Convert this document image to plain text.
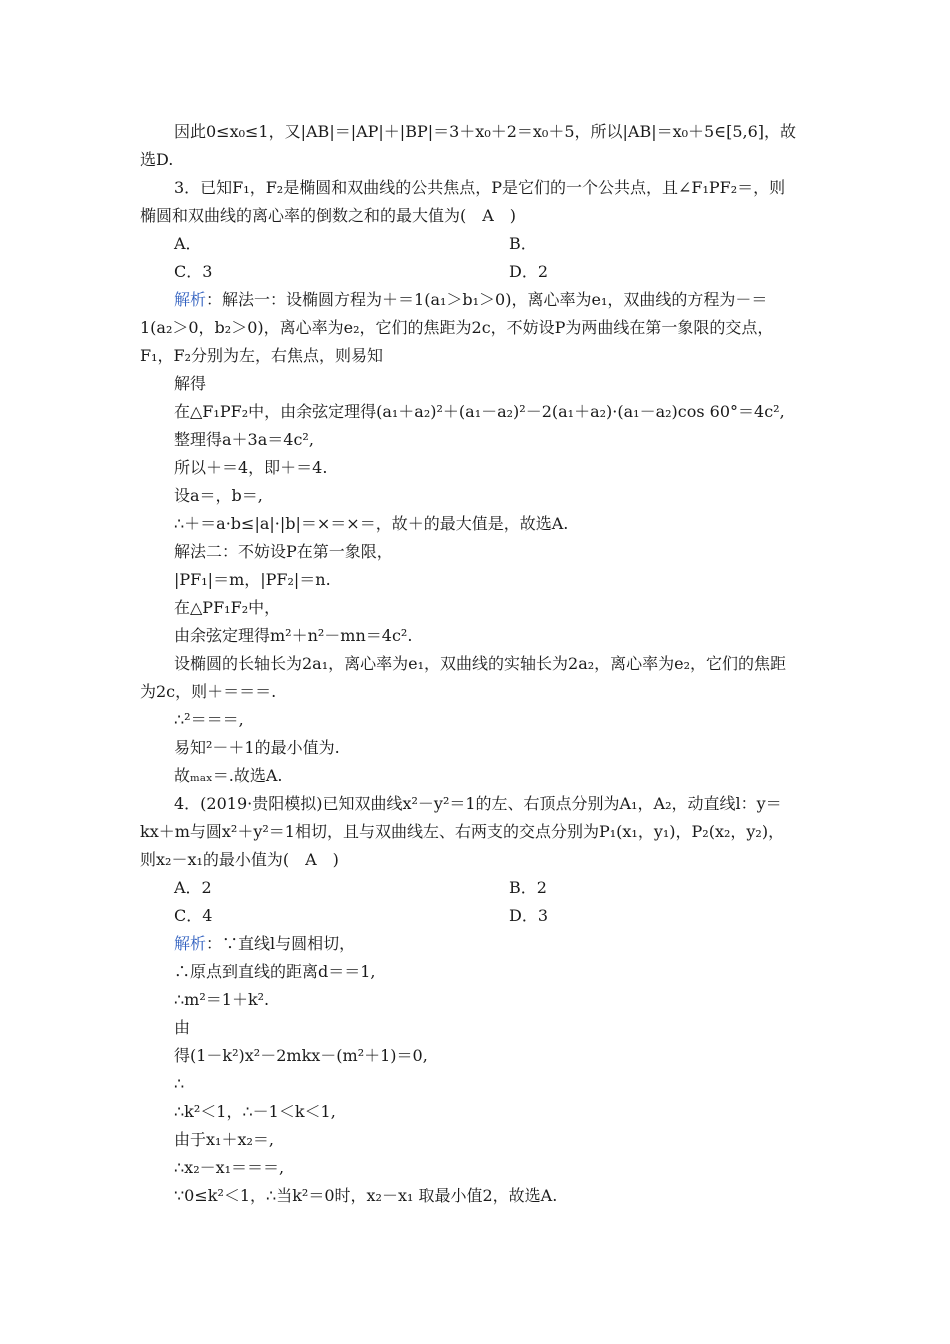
因此0≤x₀≤1，又|AB|＝|AP|＋|BP|＝3＋x₀＋2＝x₀＋5，所以|AB|＝x₀＋5∈[5,6]，故
选D.
3．已知F₁，F₂是椭圆和双曲线的公共焦点，P是它们的一个公共点，且∠F₁PF₂＝，则
椭圆和双曲线的离心率的倒数之和的最大值为(　A　)
A．	B．
C．3	D．2
解析：解法一：设椭圆方程为＋＝1(a₁＞b₁＞0)，离心率为e₁，双曲线的方程为－＝
1(a₂＞0，b₂＞0)，离心率为e₂，它们的焦距为2c，不妨设P为两曲线在第一象限的交点，
F₁，F₂分别为左，右焦点，则易知
解得
在△F₁PF₂中，由余弦定理得(a₁＋a₂)²＋(a₁－a₂)²－2(a₁＋a₂)·(a₁－a₂)cos 60°＝4c²,
整理得a＋3a＝4c²,
所以＋＝4，即＋＝4.
设a＝，b＝,
∴＋＝a·b≤|a|·|b|＝×＝×＝，故＋的最大值是，故选A.
解法二：不妨设P在第一象限，
|PF₁|＝m，|PF₂|＝n.
在△PF₁F₂中，
由余弦定理得m²＋n²－mn＝4c².
设椭圆的长轴长为2a₁，离心率为e₁，双曲线的实轴长为2a₂，离心率为e₂，它们的焦距
为2c，则＋＝＝＝.
∴²＝＝＝,
易知²－＋1的最小值为.
故ₘₐₓ＝.故选A.
4．(2019·贵阳模拟)已知双曲线x²－y²＝1的左、右顶点分别为A₁，A₂，动直线l：y＝
kx＋m与圆x²＋y²＝1相切，且与双曲线左、右两支的交点分别为P₁(x₁，y₁)，P₂(x₂，y₂)，
则x₂－x₁的最小值为(　A　)
A．2	B．2
C．4	D．3
解析：∵直线l与圆相切，
∴原点到直线的距离d＝＝1,
∴m²＝1＋k².
由
得(1－k²)x²－2mkx－(m²＋1)＝0,
∴
∴k²＜1，∴－1＜k＜1,
由于x₁＋x₂＝,
∴x₂－x₁＝＝＝,
∵0≤k²＜1，∴当k²＝0时，x₂－x₁ 取最小值2，故选A.
